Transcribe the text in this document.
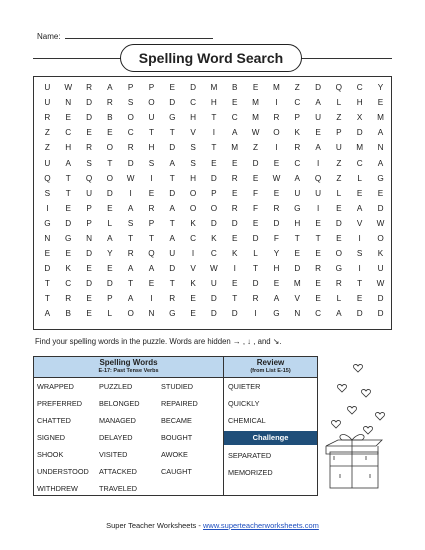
Name:
Spelling Word Search
U	W	R	A	P	P	E	D	M	B	E	M	Z	D	Q	C	Y
U	N	D	R	S	O	D	C	H	E	M	I	C	A	L	H	E
R	E	D	B	O	U	G	H	T	C	M	R	P	U	Z	X	M
Z	C	E	E	C	T	T	V	I	A	W	O	K	E	P	D	A
Z	H	R	O	R	H	D	S	T	M	Z	I	R	A	U	M	N
U	A	S	T	D	S	A	S	E	E	D	E	C	I	Z	C	A
Q	T	Q	O	W	I	T	H	D	R	E	W	A	Q	Z	L	G
S	T	U	D	I	E	D	O	P	E	F	E	U	U	L	E	E
I	E	P	E	A	R	A	O	O	R	F	R	G	I	E	A	D
G	D	P	L	S	P	T	K	D	D	E	D	H	E	D	V	W
N	G	N	A	T	T	A	C	K	E	D	F	T	T	E	I	O
E	E	D	Y	R	Q	U	I	C	K	L	Y	E	E	O	S	K
D	K	E	E	A	A	D	V	W	I	T	H	D	R	G	I	U
T	C	D	D	T	E	T	K	U	E	D	E	M	E	R	T	W
T	R	E	P	A	I	R	E	D	T	R	A	V	E	L	E	D
A	B	E	L	O	N	G	E	D	D	I	G	N	C	A	D	D
Find your spelling words in the puzzle. Words are hidden → , ↓ , and ↘.
Spelling Words
E-17: Past Tense Verbs
WRAPPED
PREFERRED
CHATTED
SIGNED
SHOOK
UNDERSTOOD
WITHDREW
PUZZLED
BELONGED
MANAGED
DELAYED
VISITED
ATTACKED
TRAVELED
STUDIED
REPAIRED
BECAME
BOUGHT
AWOKE
CAUGHT
Review
(from List E-15)
QUIETER
QUICKLY
CHEMICAL
Challenge
SEPARATED
MEMORIZED
Super Teacher Worksheets - www.superteacherworksheets.com
